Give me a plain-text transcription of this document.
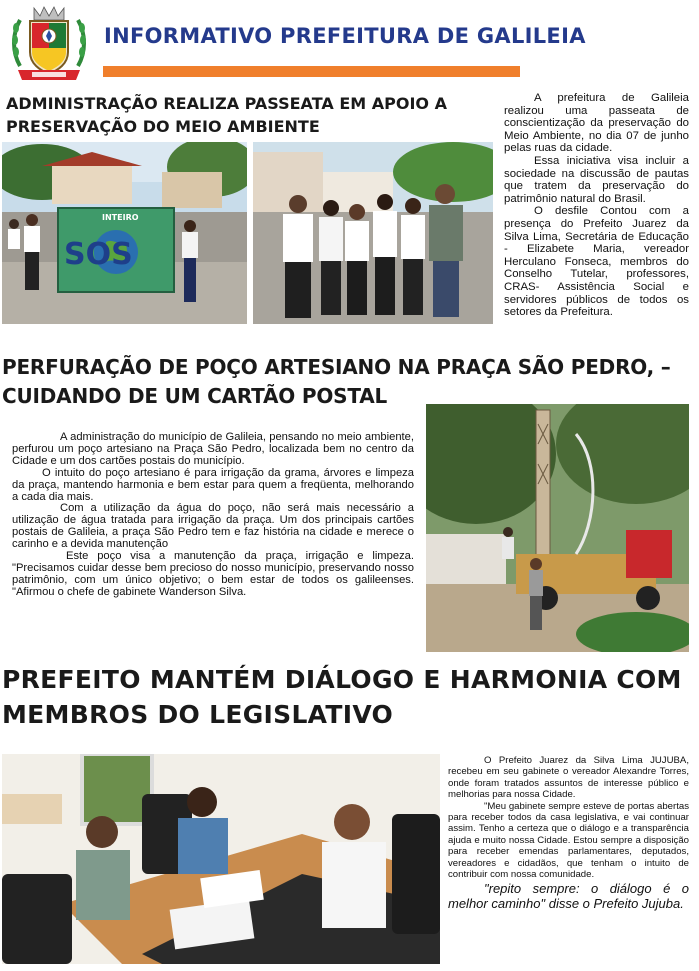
INFORMATIVO PREFEITURA DE GALILEIA
ADMINISTRAÇÃO REALIZA PASSEATA EM APOIO A PRESERVAÇÃO DO MEIO AMBIENTE

A prefeitura de Galileia realizou uma passeata de conscientização da preservação do Meio Ambiente, no dia 07 de junho pelas ruas da cidade.

Essa iniciativa visa incluir a sociedade na discussão de pautas que tratem da preservação do patrimônio natural do Brasil.

O desfile Contou com a presença do Prefeito Juarez da Silva Lima, Secretária de Educação - Elizabete Maria, vereador Herculano Fonseca, membros do Conselho Tutelar, professores, CRAS- Assistência Social e servidores públicos de todos os setores da Prefeitura.

SOS
INTEIRO
PERFURAÇÃO DE POÇO ARTESIANO NA PRAÇA SÃO PEDRO, – CUIDANDO DE UM CARTÃO POSTAL

A administração do município de Galileia, pensando no meio ambiente, perfurou um poço artesiano na Praça São Pedro, localizada bem no centro da Cidade e um dos cartões postais do município.

O intuito do poço artesiano é para irrigação da grama, árvores e limpeza da praça, mantendo harmonia e bem estar para quem a freqüenta, melhorando a cada dia mais.

Com a utilização da água do poço, não será mais necessário a utilização de água tratada para irrigação da praça. Um dos principais cartões postais de Galileia, a praça São Pedro tem e faz história na cidade e merece o carinho e a devida manutenção

Este poço visa a manutenção da praça, irrigação e limpeza. "Precisamos cuidar desse bem precioso do nosso município, preservando nosso patrimônio, com um único objetivo; o bem estar de todos os galileenses. "Afirmou o chefe de gabinete Wanderson Silva.

PREFEITO MANTÉM DIÁLOGO E HARMONIA COM MEMBROS DO LEGISLATIVO

O Prefeito Juarez da Silva Lima JUJUBA, recebeu em seu gabinete o vereador Alexandre Torres, onde foram tratados assuntos de interesse público e melhorias para nossa Cidade.

"Meu gabinete sempre esteve de portas abertas para receber todos da casa legislativa, e vai continuar assim. Tenho a certeza que o diálogo e a transparência ajuda e muito nossa Cidade. Estou sempre a disposição para receber emendas parlamentares, deputados, vereadores e cidadãos, que tenham o intuito de contribuir com nossa comunidade.

"repito sempre: o diálogo é o melhor caminho" disse o Prefeito Jujuba.
